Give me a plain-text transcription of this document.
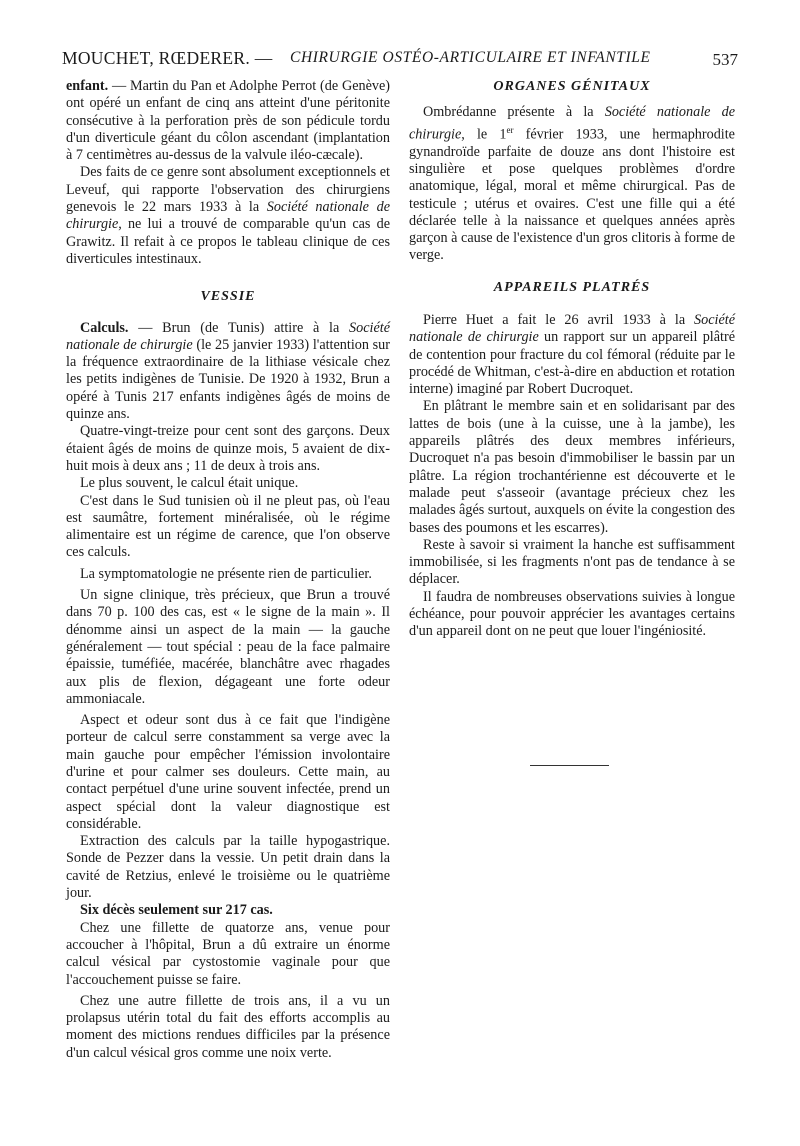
MOUCHET, RŒDERER. — CHIRURGIE OSTÉO-ARTICULAIRE ET INFANTILE	537

enfant. — Martin du Pan et Adolphe Perrot (de Genève) ont opéré un enfant de cinq ans atteint d'une péritonite consécutive à la perforation près de son pédicule tordu d'un diverticule géant du côlon ascendant (implantation à 7 centimètres au-dessus de la valvule iléo-cæcale).

Des faits de ce genre sont absolument exceptionnels et Leveuf, qui rapporte l'observation des chirurgiens genevois le 22 mars 1933 à la Société nationale de chirurgie, ne lui a trouvé de comparable qu'un cas de Grawitz. Il refait à ce propos le tableau clinique de ces diverticules intestinaux.

VESSIE

Calculs. — Brun (de Tunis) attire à la Société nationale de chirurgie (le 25 janvier 1933) l'attention sur la fréquence extraordinaire de la lithiase vésicale chez les petits indigènes de Tunisie. De 1920 à 1932, Brun a opéré à Tunis 217 enfants indigènes âgés de moins de quinze ans.

Quatre-vingt-treize pour cent sont des garçons. Deux étaient âgés de moins de quinze mois, 5 avaient de dix-huit mois à deux ans ; 11 de deux à trois ans.

Le plus souvent, le calcul était unique.

C'est dans le Sud tunisien où il ne pleut pas, où l'eau est saumâtre, fortement minéralisée, où le régime alimentaire est un régime de carence, que l'on observe ces calculs.

La symptomatologie ne présente rien de particulier.

Un signe clinique, très précieux, que Brun a trouvé dans 70 p. 100 des cas, est « le signe de la main ». Il dénomme ainsi un aspect de la main — la gauche généralement — tout spécial : peau de la face palmaire épaissie, tuméfiée, macérée, blanchâtre avec rhagades aux plis de flexion, dégageant une forte odeur ammoniacale.

Aspect et odeur sont dus à ce fait que l'indigène porteur de calcul serre constamment sa verge avec la main gauche pour empêcher l'émission involontaire d'urine et pour calmer ses douleurs. Cette main, au contact perpétuel d'une urine souvent infectée, prend un aspect spécial dont la valeur diagnostique est considérable.

Extraction des calculs par la taille hypogastrique. Sonde de Pezzer dans la vessie. Un petit drain dans la cavité de Retzius, enlevé le troisième ou le quatrième jour.

Six décès seulement sur 217 cas.

Chez une fillette de quatorze ans, venue pour accoucher à l'hôpital, Brun a dû extraire un énorme calcul vésical par cystostomie vaginale pour que l'accouchement puisse se faire.

Chez une autre fillette de trois ans, il a vu un prolapsus utérin total du fait des efforts accomplis au moment des mictions rendues difficiles par la présence d'un calcul vésical gros comme une noix verte.

ORGANES GÉNITAUX

Ombrédanne présente à la Société nationale de chirurgie, le 1er février 1933, une hermaphrodite gynandroïde parfaite de douze ans dont l'histoire est singulière et pose quelques problèmes d'ordre anatomique, légal, moral et même chirurgical. Pas de testicule ; utérus et ovaires. C'est une fille qui a été déclarée telle à la naissance et quelques années après garçon à cause de l'existence d'un gros clitoris à forme de verge.

APPAREILS PLATRÉS

Pierre Huet a fait le 26 avril 1933 à la Société nationale de chirurgie un rapport sur un appareil plâtré de contention pour fracture du col fémoral (réduite par le procédé de Whitman, c'est-à-dire en abduction et rotation interne) imaginé par Robert Ducroquet.

En plâtrant le membre sain et en solidarisant par des lattes de bois (une à la cuisse, une à la jambe), les appareils plâtrés des deux membres inférieurs, Ducroquet n'a pas besoin d'immobiliser le bassin par un plâtre. La région trochantérienne est découverte et le malade peut s'asseoir (avantage précieux chez les malades âgés surtout, auxquels on évite la congestion des bases des poumons et les escarres).

Reste à savoir si vraiment la hanche est suffisamment immobilisée, si les fragments n'ont pas de tendance à se déplacer.

Il faudra de nombreuses observations suivies à longue échéance, pour pouvoir apprécier les avantages certains d'un appareil dont on ne peut que louer l'ingéniosité.
